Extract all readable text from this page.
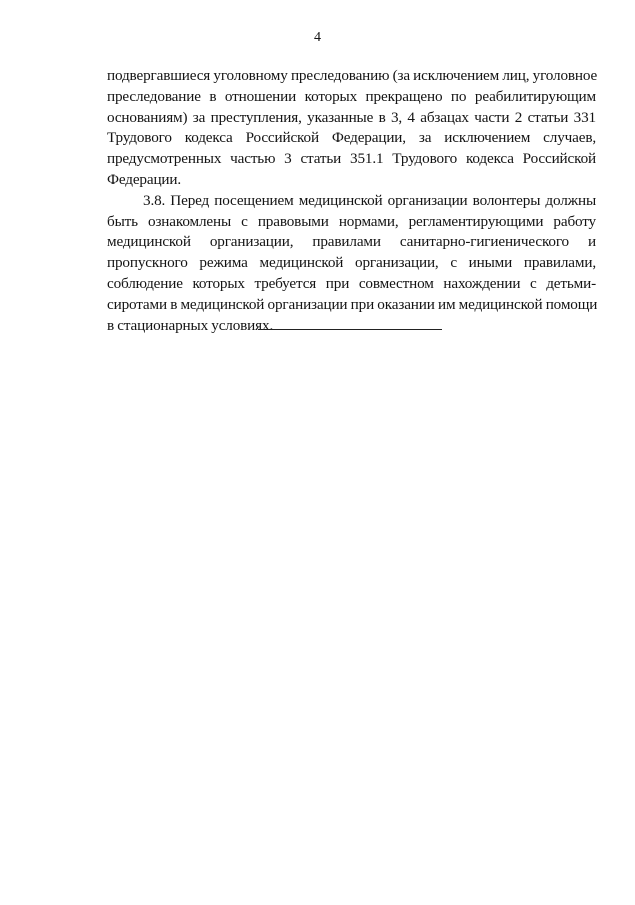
4
подвергавшиеся уголовному преследованию (за исключением лиц, уголовное
преследование в отношении которых прекращено по реабилитирующим
основаниям) за преступления, указанные в 3, 4 абзацах части 2 статьи 331
Трудового кодекса Российской Федерации, за исключением случаев,
предусмотренных частью 3 статьи 351.1 Трудового кодекса Российской
Федерации.
3.8. Перед посещением медицинской организации волонтеры должны
быть ознакомлены с правовыми нормами, регламентирующими работу
медицинской организации, правилами санитарно-гигиенического и
пропускного режима медицинской организации, с иными правилами,
соблюдение которых требуется при совместном нахождении с детьми-
сиротами в медицинской организации при оказании им медицинской помощи
в стационарных условиях.
